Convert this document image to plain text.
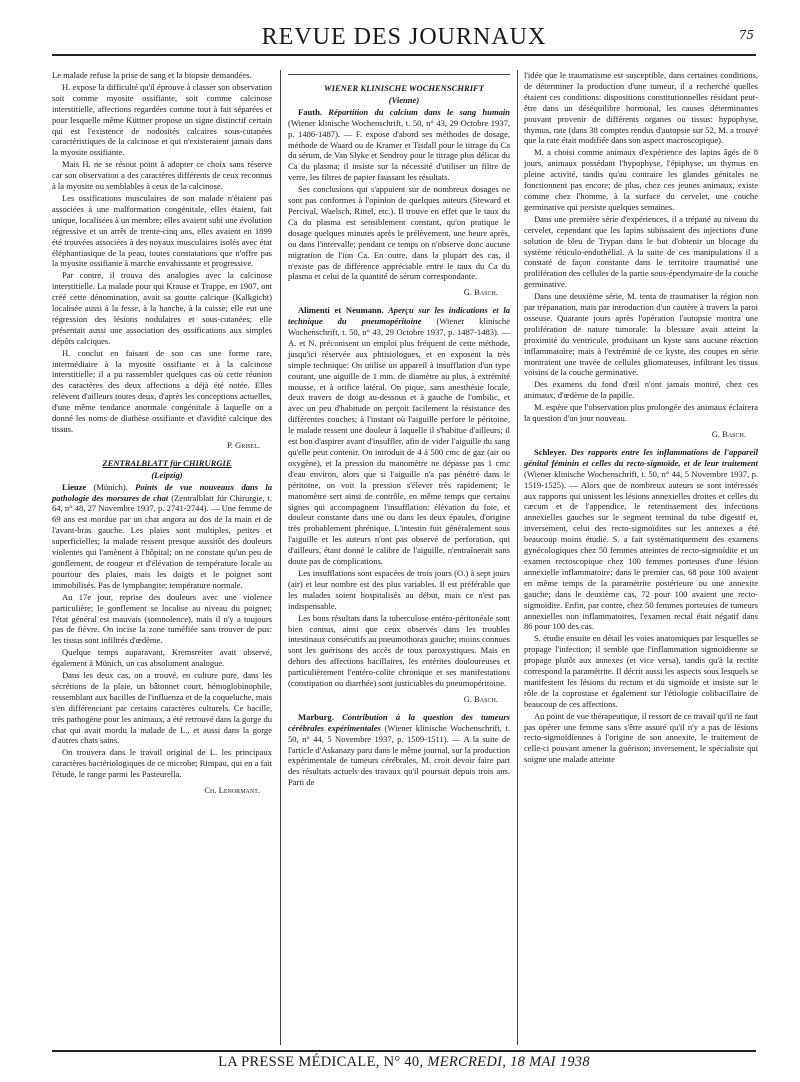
REVUE DES JOURNAUX	75

Le malade refuse la prise de sang et la biopsie demandées.

H. expose la difficulté qu'il éprouve à classer son observation soit comme myosite ossifiante, soit comme calcinose interstitielle, affections regardées comme tout à fait séparées et pour lesquelle même Küttner propose un signe distinctif certain qui est l'existence de nodosités calcaires sous-cutanées caractéristiques de la calcinose et qui n'existeraient jamais dans la myosite ossifiante.

Mais H. ne se résout point à adopter ce choix sans réserve car son observation a des caractères différents de ceux reconnus à la myosite ou semblables à ceux de la calcinose.

Les ossifications musculaires de son malade n'étaient pas associées à une malformation congénitale, elles étaient, fait unique, localisées à un membre; elles avaient subi une évolution régressive et un arrêt de trente-cinq ans, elles avaient en 1899 été trouvées associées à des noyaux musculaires isolés avec état éléphantiasique de la peau, toutes constatations que n'offre pas la myosite ossifiante à marche envahissante et progressive.

Par contre, il trouva des analogies avec la calcinose interstitielle. La malade pour qui Krause et Trappe, en 1907, ont créé cette dénomination, avait sa goutte calcique (Kalkgicht) localisée aussi à la fesse, à la hanche, à la cuisse; elle eut une régression des lésions nodulaires et sous-cutanées; elle présentait aussi une association des ossifications aux simples dépôts calciques.

H. conclut en faisant de son cas une forme rare, intermédiaire à la myosite ossifiante et à la calcinose interstitielle; il a pu rassembler quelques cas où cette réunion des caractères des deux affections a déjà été notée. Elles relèvent d'ailleurs toutes deux, d'après les conceptions actuelles, d'une même tendance anormale congénitale à laquelle on a donné les noms de diathèse ossifiante et d'avidité calcique des tissus.

P. Grisel.

ZENTRALBLATT für CHIRURGIE

(Leipzig)

Lieuze (Münich). Points de vue nouveaux dans la pathologie des morsures de chat (Zentralblatt für Chirurgie, t. 64, n° 48, 27 Novembre 1937, p. 2741-2744). — Une femme de 69 ans est mordue par un chat angora au dos de la main et de l'avant-bras gauche. Les plaies sont multiples, petites et superficielles; la malade ressent presque aussitôt des douleurs violentes qui l'amènent à l'hôpital; on ne constate qu'un peu de gonflement, de rougeur et d'élévation de température locale au pourtour des plaies, mais les doigts et le poignet sont immobilisés. Pas de lymphangite; température normale.

Au 17e jour, reprise des douleurs avec une violence particulière; le gonflement se localise au niveau du poignet; l'état général est mauvais (somnolence), mais il n'y a toujours pas de fièvre. On incise la zone tuméfiée sans trouver de pus: les tissus sont infiltrés d'œdème.

Quelque temps auparavant, Kremsreiter avait observé, également à Münich, un cas absolument analogue.

Dans les deux cas, on a trouvé, en culture pure, dans les sécrétions de la plaie, un bâtonnet court, hémoglobinophile, ressemblant aux bacilles de l'influenza et de la coqueluche, mais s'en différenciant par certains caractères culturels. Ce bacille, très pathogène pour les animaux, a été retrouvé dans la gorge du chat qui avait mordu la malade de L., et aussi dans la gorge d'autres chats sains.

On trouvera dans le travail original de L. les principaux caractères bactériologiques de ce microbe; Rimpau, qui en a fait l'étude, le range parmi les Pasteurella.

Ch. Lenormant.

WIENER KLINISCHE WOCHENSCHRIFT

(Vienne)

Fauth. Répartition du calcium dans le sang humain (Wiener klinische Wochenschrift, t. 50, n° 43, 29 Octobre 1937, p. 1486-1487). — F. expose d'abord ses méthodes de dosage, méthode de Waard ou de Kramer et Tisdall pour le titrage du Ca du sérum, de Van Slyke et Sendroy pour le titrage plus délicat du Ca du plasma; il insiste sur la nécessité d'utiliser un filtre de verre, les filtres de papier faussant les résultats.

Ses conclusions qui s'appuient sur de nombreux dosages ne sont pas conformes à l'opinion de quelques auteurs (Steward et Percival, Waelsch, Rittel, etc.). Il trouve en effet que le taux du Ca du plasma est sensiblement constant, qu'on pratique le dosage quelques minutes après le prélèvement, une heure après, ou dans l'intervalle; pendant ce temps on n'observe donc aucune migration de l'ion Ca. En outre, dans la plupart des cas, il n'existe pas de différence appréciable entre le taux du Ca du plasma et celui de la quantité de sérum correspondante.

G. Basch.

Alimenti et Neumann. Aperçu sur les indications et la technique du pneumopéritoine (Wiener klinische Wochenschrift, t. 50, n° 43, 29 Octobre 1937, p. 1487-1483). — A. et N. préconisent un emploi plus fréquent de cette méthode, jusqu'ici réservée aux phtisiologues, et en exposent la très simple technique: On utilise un appareil à insufflation d'un type courant, une aiguille de 1 mm. de diamètre au plus, à extrémité mousse, et à orifice latéral. On pique, sans anesthésie locale, deux travers de doigt au-dessous et à gauche de l'ombilic, et avec un peu d'habitude on perçoit facilement la résistance des différentes couches; à l'instant où l'aiguille perfore le péritoine, le malade ressent une douleur à laquelle il s'habitue d'ailleurs; il est bon d'aspirer avant d'insuffler, afin de vider l'aiguille du sang qu'elle peut contenir. On introduit de 4 à 500 cmc de gaz (air ou oxygène), et la pression du manomètre ne dépasse pas 1 cmc d'eau environ, alors que si l'aiguille n'a pas pénétré dans le péritoine, on voit la pression s'élever très rapidement; le manomètre sert ainsi de contrôle, en même temps que certains signes qui accompagnent l'insufflation: élévation du foie, et douleur constante dans une ou dans les deux épaules, d'origine très probablement phrénique. L'intestin fuit généralement sous l'aiguille et les auteurs n'ont pas observé de perforation, qui d'ailleurs, étant donné le calibre de l'aiguille, n'entraînerait sans doute pas de complications.

Les insufflations sont espacées de trois jours (O.) à sept jours (air) et leur nombre est des plus variables. Il est préférable que les malades soient hospitalisés au début, mais ce n'est pas indispensable.

Les bons résultats dans la tuberculose entéro-péritonéale sont bien connus, ainsi que ceux observés dans les troubles intestinaux consécutifs au pneumothorax gauche; moins connues sont les guérisons des accès de toux paroxystiques. Mais en dehors des affections bacillaires, les entérites douloureuses et particulièrement l'entéro-colite chronique et ses manifestations (constipation ou diarrhée) sont justiciables du pneumopéritoine.

G. Basch.

Marburg. Contribution à la question des tumeurs cérébrales expérimentales (Wiener klinische Wochenschrift, t. 50, n° 44, 5 Novembre 1937, p. 1509-1511). — A la suite de l'article d'Askanazy paru dans le même journal, sur la production expérimentale de tumeurs cérébrales, M. croit devoir faire part des résultats actuels des travaux qu'il poursuit depuis trois ans. Parti de

l'idée que le traumatisme est susceptible, dans certaines conditions, de déterminer la production d'une tumeur, il a recherché quelles étaient ces conditions: dispositions constitutionnelles résidant peut-être dans un déséquilibre hormonal, les causes déterminantes pouvant provenir de différents organes ou tissus: hypophyse, thymus, rate (dans 38 comptes rendus d'autopsie sur 52, M. a trouvé que la rate était modifiée dans son aspect macroscopique).

M. a choisi comme animaux d'expérience des lapins âgés de 8 jours, animaux possédant l'hypophyse, l'épiphyse, un thymus en pleine activité, tandis qu'au contraire les glandes génitales ne fonctionnent pas encore; de plus, chez ces jeunes animaux, existe comme chez l'homme, à la surface du cervelet, une couche germinative qui persiste quelques semaines.

Dans une première série d'expériences, il a trépané au niveau du cervelet, cependant que les lapins subissaient des injections d'une solution de bleu de Trypan dans le but d'obtenir un blocage du système réticulo-endothélial. A la suite de ces manipulations il a constaté de façon constante dans le territoire traumatisé une prolifération des cellules de la partie sous-épendymaire de la couche germinative.

Dans une deuxième série, M. tenta de traumatiser la région non par trépanation, mais par introduction d'un cautère à travers la paroi osseuse. Quarante jours après l'opération l'autopsie montra une prolifération de nature tumorale: la blessure avait atteint la proximité du ventricule, produisant un kyste sans aucune réaction inflammatoire; mais à l'extrémité de ce kyste, des coupes en série montraient une travée de cellules gliomateuses, infiltrant les tissus voisins de la couche germinative.

Des examens du fond d'œil n'ont jamais montré, chez ces animaux, d'œdème de la papille.

M. espère que l'observation plus prolongée des animaux éclairera la question d'un jour nouveau.

G. Basch.

Schleyer. Des rapports entre les inflammations de l'appareil génital féminin et celles du recto-sigmoïde, et de leur traitement (Wiener klinische Wochenschrift, t. 50, n° 44, 5 Novembre 1937, p. 1519-1525). — Alors que de nombreux auteurs se sont intéressés aux rapports qui unissent les lésions annexielles droites et celles du cæcum et de l'appendice, le retentissement des infections annexielles gauches sur le segment terminal du tube digestif et, inversement, celui des recto-sigmoïdites sur les annexes a été beaucoup moins étudié. S. a fait systématiquement des examens gynécologiques chez 50 femmes atteintes de recto-sigmoïdite et un examen rectoscopique chez 100 femmes porteuses d'une lésion annexielle inflammatoire; dans le premier cas, 68 pour 100 avaient en même temps de la paramétrite postérieure ou une annexite gauche; dans le deuxième cas, 72 pour 100 avaient une recto-sigmoïdite. Enfin, par contre, chez 50 femmes porteuses de tumeurs annexielles non inflammatoires, l'examen rectal était négatif dans 86 pour 100 des cas.

S. étudie ensuite en détail les voies anatomiques par lesquelles se propage l'infection; il semble que l'inflammation sigmoïdienne se propage plutôt aux annexes (et vice versa), tandis qu'à la rectite correspond la paramétrite. Il décrit aussi les aspects sous lesquels se manifestent les lésions du rectum et du sigmoïde et insiste sur le rôle de la coprostase et également sur l'étiologie colibacillaire de beaucoup de ces affections.

Au point de vue thérapeutique, il ressort de ce travail qu'il ne faut pas opérer une femme sans s'être assuré qu'il n'y a pas de lésions recto-sigmoïdiennes à l'origine de son annexite, le traitement de celle-ci pouvant amener la guérison; inversement, le spécialiste qui soigne une malade atteinte

LA PRESSE MÉDICALE, N° 40, MERCREDI, 18 MAI 1938
